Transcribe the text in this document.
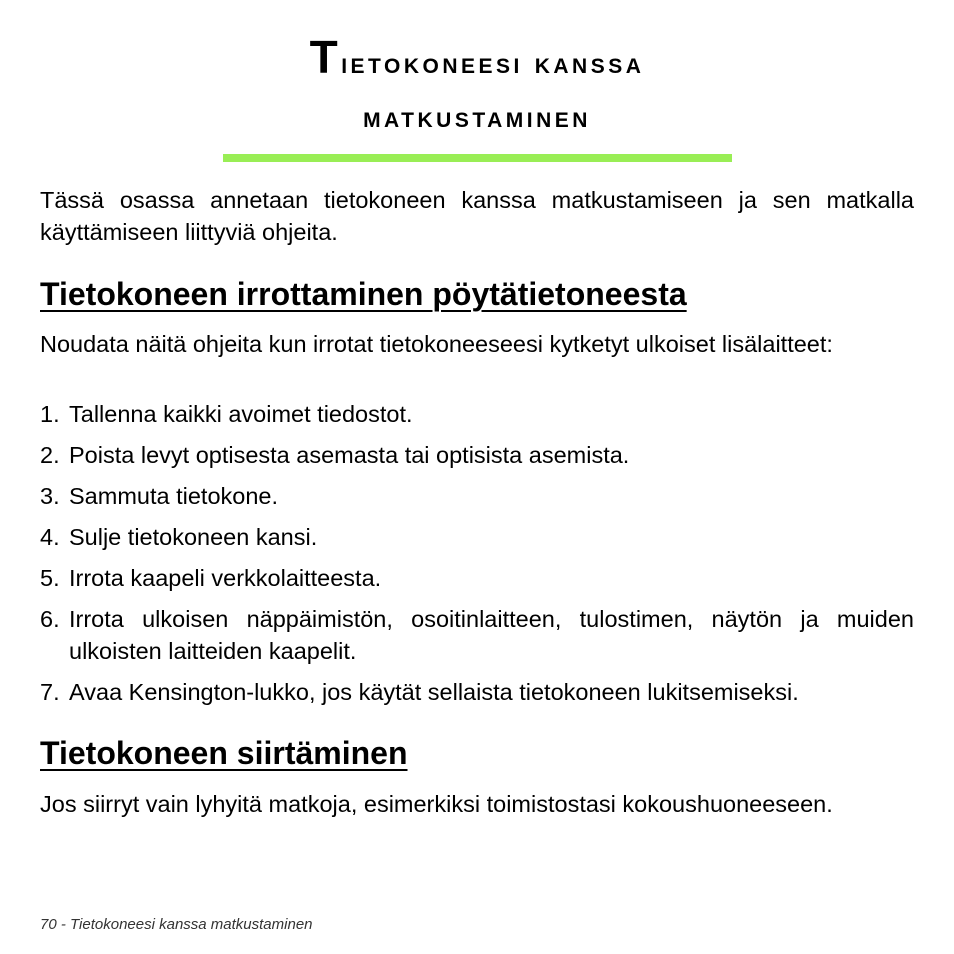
Tietokoneesi kanssa
matkustaminen

Tässä osassa annetaan tietokoneen kanssa matkustamiseen ja sen matkalla käyttämiseen liittyviä ohjeita.

Tietokoneen irrottaminen pöytätietoneesta

Noudata näitä ohjeita kun irrotat tietokoneeseesi kytketyt ulkoiset lisälaitteet:

1. Tallenna kaikki avoimet tiedostot.
2. Poista levyt optisesta asemasta tai optisista asemista.
3. Sammuta tietokone.
4. Sulje tietokoneen kansi.
5. Irrota kaapeli verkkolaitteesta.
6. Irrota ulkoisen näppäimistön, osoitinlaitteen, tulostimen, näytön ja muiden ulkoisten laitteiden kaapelit.
7. Avaa Kensington-lukko, jos käytät sellaista tietokoneen lukitsemiseksi.
Tietokoneen siirtäminen

Jos siirryt vain lyhyitä matkoja, esimerkiksi toimistostasi kokoushuoneeseen.

70 - Tietokoneesi kanssa matkustaminen
